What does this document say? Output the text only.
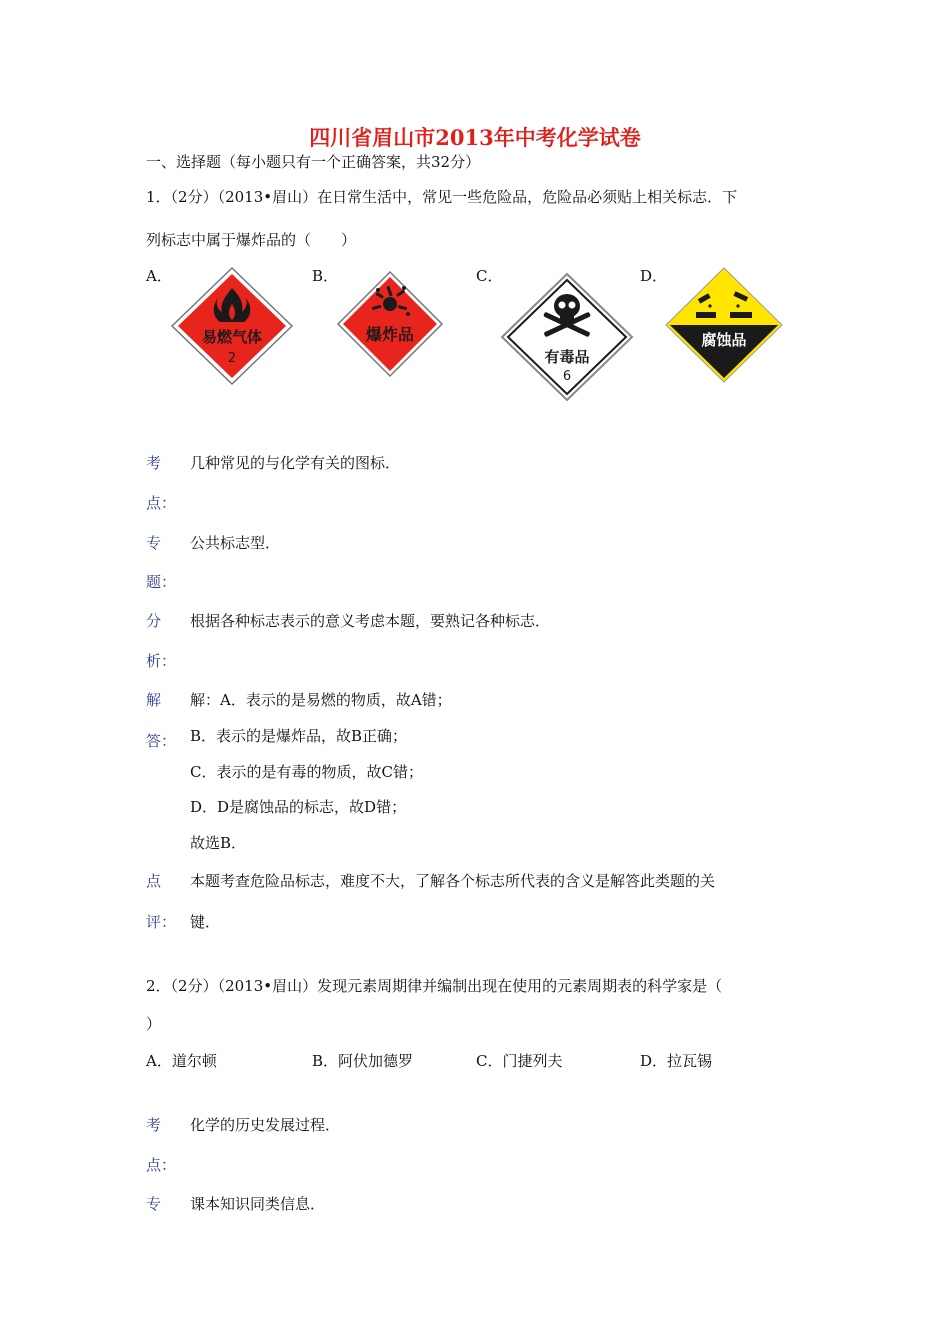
四川省眉山市2013年中考化学试卷
一、选择题（每小题只有一个正确答案，共32分）
1．（2分）（2013•眉山）在日常生活中，常见一些危险品，危险品必须贴上相关标志．下
列标志中属于爆炸品的（　　）
A．	B．	C．	D．
易燃气体
2
爆炸品
有毒品
6
腐蚀品
考
点：
几种常见的与化学有关的图标．
专
题：
公共标志型．
分
析：
根据各种标志表示的意义考虑本题，要熟记各种标志．
解
答：
解：A．表示的是易燃的物质，故A错；
B．表示的是爆炸品，故B正确；
C．表示的是有毒的物质，故C错；
D．D是腐蚀品的标志，故D错；
故选B．
点
评：
本题考查危险品标志，难度不大，了解各个标志所代表的含义是解答此类题的关
键．
2．（2分）（2013•眉山）发现元素周期律并编制出现在使用的元素周期表的科学家是（
）
A．道尔顿	B．阿伏加德罗	C．门捷列夫	D．拉瓦锡
考
点：
化学的历史发展过程．
专 课本知识同类信息．
